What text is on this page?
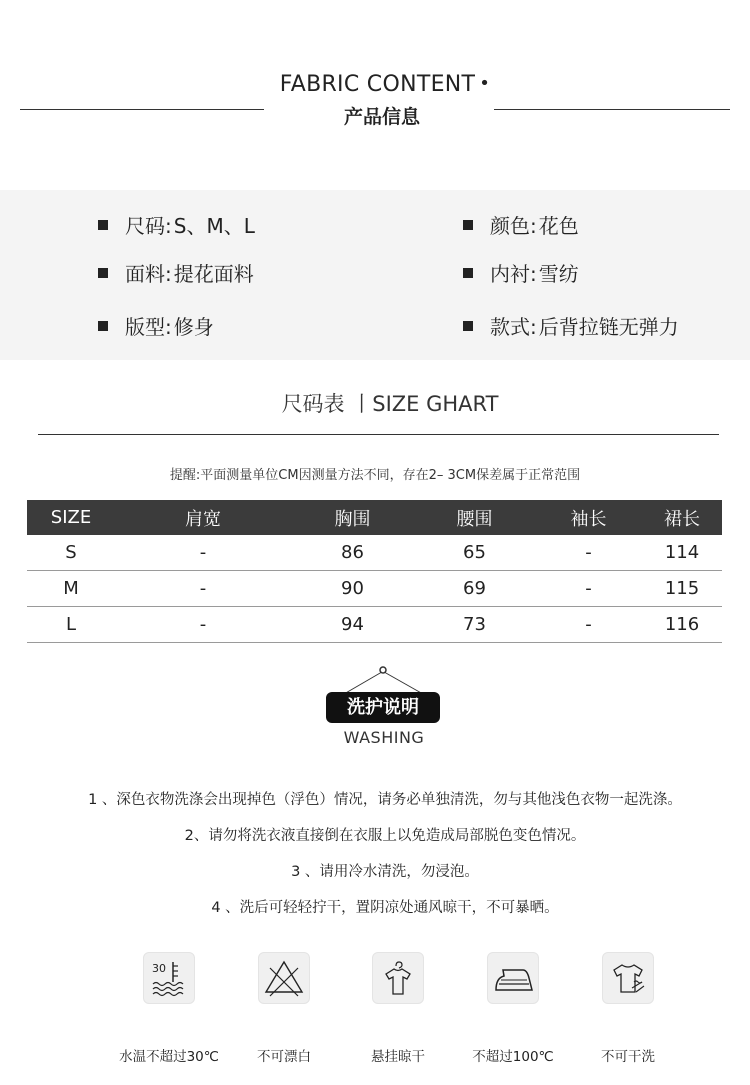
FABRIC CONTENT •
产品信息
尺码: S、M、L	颜色: 花色
面料: 提花面料	内衬: 雪纺
版型: 修身	款式: 后背拉链无弹力
尺码表 丨SIZE GHART
提醒:平面测量单位CM因测量方法不同，存在2– 3CM保差属于正常范围
SIZE	肩宽	胸围	腰围	袖长	裙长
S	-	86	65	-	114
M	-	90	69	-	115
L	-	94	73	-	116
洗护说明
WASHING
1 、深色衣物洗涤会出现掉色（浮色）情况，请务必单独清洗，勿与其他浅色衣物一起洗涤。
2、请勿将洗衣液直接倒在衣服上以免造成局部脱色变色情况。
3 、请用冷水清洗，勿浸泡。
4 、洗后可轻轻拧干，置阴凉处通风晾干，不可暴晒。
30
水温不超过30℃	不可漂白	悬挂晾干	不超过100℃	不可干洗
